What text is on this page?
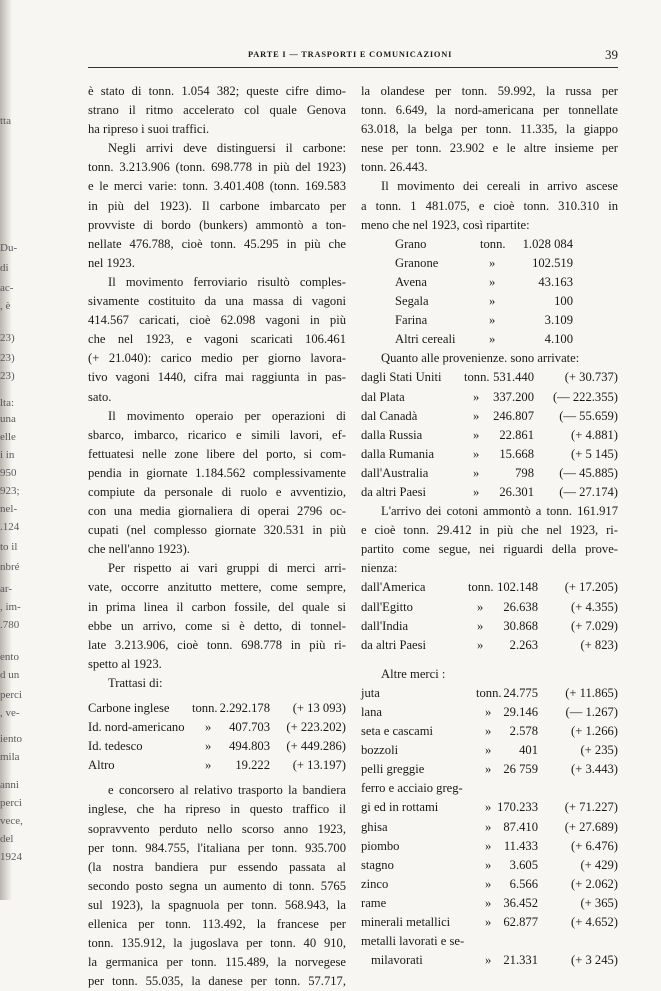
tta
Du-
di
ac-
, è
23)
23)
23)
lta:
una
elle
i in
950
923;
nel-
.124
to il
nbré
ar-
, im-
.780
ento
d un
perci
, ve-
iento
mila
anni
perci
vece,
del
1924
PARTE I — TRASPORTI E COMUNICAZIONI	39
è stato di tonn. 1.054 382; queste cifre dimo-
strano il ritmo accelerato col quale Genova
ha ripreso i suoi traffici.
Negli arrivi deve distinguersi il carbone:
tonn. 3.213.906 (tonn. 698.778 in più del 1923)
e le merci varie: tonn. 3.401.408 (tonn. 169.583
in più del 1923). Il carbone imbarcato per
provviste di bordo (bunkers) ammontò a ton-
nellate 476.788, cioè tonn. 45.295 in più che
nel 1923.
Il movimento ferroviario risultò comples-
sivamente costituito da una massa di vagoni
414.567 caricati, cioè 62.098 vagoni in più
che nel 1923, e vagoni scaricati 106.461
(+ 21.040): carico medio per giorno lavora-
tivo vagoni 1440, cifra mai raggiunta in pas-
sato.
Il movimento operaio per operazioni di
sbarco, imbarco, ricarico e simili lavori, ef-
fettuatesi nelle zone libere del porto, si com-
pendia in giornate 1.184.562 complessivamente
compiute da personale di ruolo e avventizio,
con una media giornaliera di operai 2796 oc-
cupati (nel complesso giornate 320.531 in più
che nell'anno 1923).
Per rispetto ai vari gruppi di merci arri-
vate, occorre anzitutto mettere, come sempre,
in prima linea il carbon fossile, del quale si
ebbe un arrivo, come si è detto, di tonnel-
late 3.213.906, cioè tonn. 698.778 in più ri-
spetto al 1923.
Trattasi di:
Carbone inglese tonn. 2.292.178 (+ 13 093)
Id. nord-americano » 407.703 (+ 223.202)
Id. tedesco	» 494.803 (+ 449.286)
Altro	» 19.222 (+ 13.197)
e concorsero al relativo trasporto la bandiera
inglese, che ha ripreso in questo traffico il
sopravvento perduto nello scorso anno 1923,
per tonn. 984.755, l'italiana per tonn. 935.700
(la nostra bandiera pur essendo passata al
secondo posto segna un aumento di tonn. 5765
sul 1923), la spagnuola per tonn. 568.943, la
ellenica per tonn. 113.492, la francese per
tonn. 135.912, la jugoslava per tonn. 40 910,
la germanica per tonn. 115.489, la norvegese
per tonn. 55.035, la danese per tonn. 57.717,
la olandese per tonn. 59.992, la russa per
tonn. 6.649, la nord-americana per tonnellate
63.018, la belga per tonn. 11.335, la giappo
nese per tonn. 23.902 e le altre insieme per
tonn. 26.443.
Il movimento dei cereali in arrivo ascese
a tonn. 1 481.075, e cioè tonn. 310.310 in
meno che nel 1923, così ripartite:
Grano	tonn. 1.028 084
Granone	»	102.519
Avena	»	43.163
Segala	»	100
Farina	»	3.109
Altri cereali	»	4.100
Quanto alle provenienze. sono arrivate:
dagli Stati Uniti tonn. 531.440 (+ 30.737)
dal Plata	» 337.200 (— 222.355)
dal Canadà	» 246.807 (— 55.659)
dalla Russia	» 22.861	(+ 4.881)
dalla Rumania	» 15.668	(+ 5 145)
dall'Australia	»	798 (— 45.885)
da altri Paesi	» 26.301 (— 27.174)
L'arrivo dei cotoni ammontò a tonn. 161.917
e cioè tonn. 29.412 in più che nel 1923, ri-
partito come segue, nei riguardi della prove-
nienza:
dall'America	tonn. 102.148 (+ 17.205)
dall'Egitto	» 26.638	(+ 4.355)
dall'India	» 30.868	(+ 7.029)
da altri Paesi	» 2.263	(+ 823)
Altre merci :
juta	tonn. 24.775 (+ 11.865)
lana	» 29.146 (— 1.267)
seta e cascami	» 2.578	(+ 1.266)
bozzoli	» 401	(+ 235)
pelli greggie	» 26 759	(+ 3.443)
ferro e acciaio greg-
gi ed in rottami	» 170.233 (+ 71.227)
ghisa	» 87.410 (+ 27.689)
piombo	» 11.433	(+ 6.476)
stagno	» 3.605	(+ 429)
zinco	» 6.566	(+ 2.062)
rame	» 36.452	(+ 365)
minerali metallici	» 62.877	(+ 4.652)
metalli lavorati e se-
milavorati	» 21.331	(+ 3 245)
